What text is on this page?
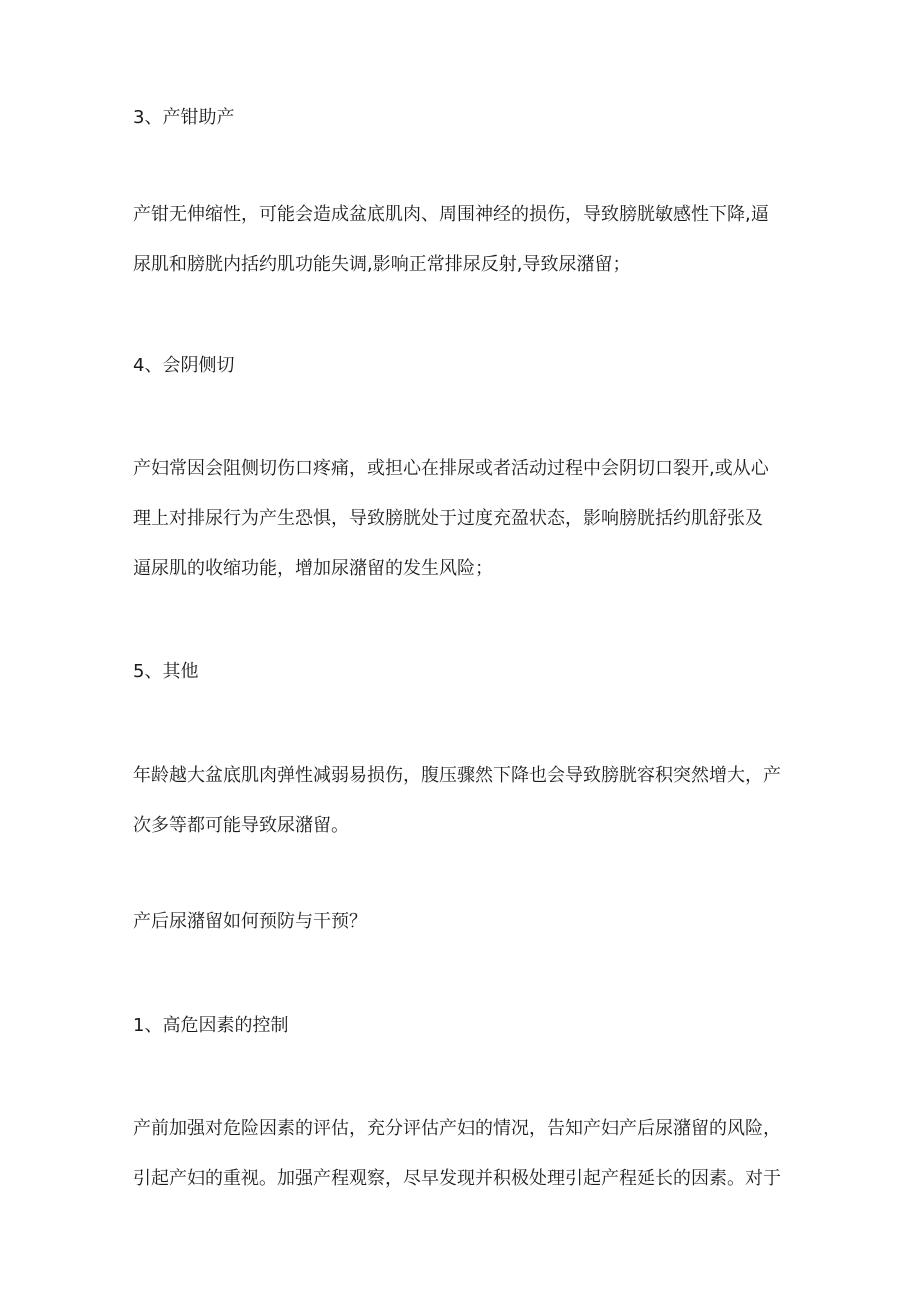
3、产钳助产
产钳无伸缩性，可能会造成盆底肌肉、周围神经的损伤，导致膀胱敏感性下降,逼
尿肌和膀胱内括约肌功能失调,影响正常排尿反射,导致尿潴留；
4、会阴侧切
产妇常因会阻侧切伤口疼痛，或担心在排尿或者活动过程中会阴切口裂开,或从心
理上对排尿行为产生恐惧，导致膀胱处于过度充盈状态，影响膀胱括约肌舒张及
逼尿肌的收缩功能，增加尿潴留的发生风险；
5、其他
年龄越大盆底肌肉弹性减弱易损伤，腹压骤然下降也会导致膀胱容积突然增大，产
次多等都可能导致尿潴留。
产后尿潴留如何预防与干预？
1、高危因素的控制
产前加强对危险因素的评估，充分评估产妇的情况，告知产妇产后尿潴留的风险，
引起产妇的重视。加强产程观察，尽早发现并积极处理引起产程延长的因素。对于
